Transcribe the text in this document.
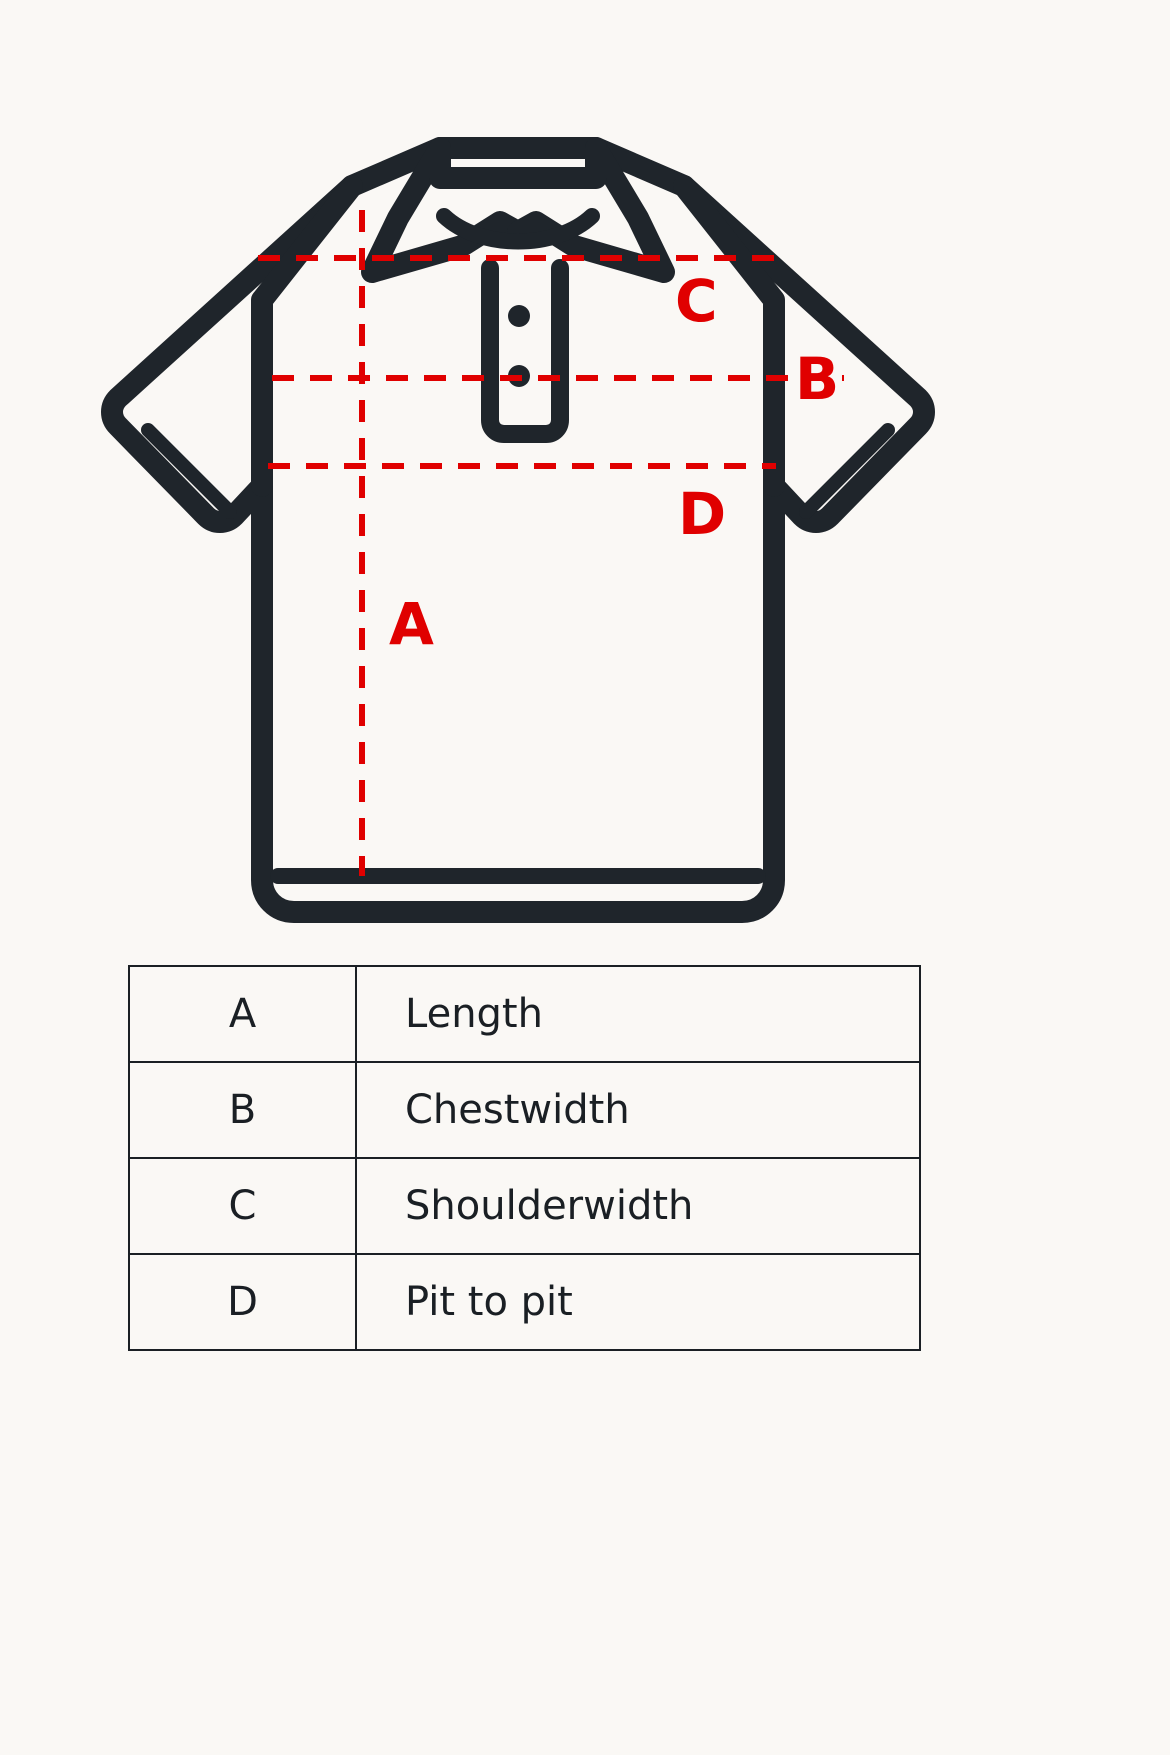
A
B
C
D
A	Length
B	Chestwidth
C	Shoulderwidth
D	Pit to pit
